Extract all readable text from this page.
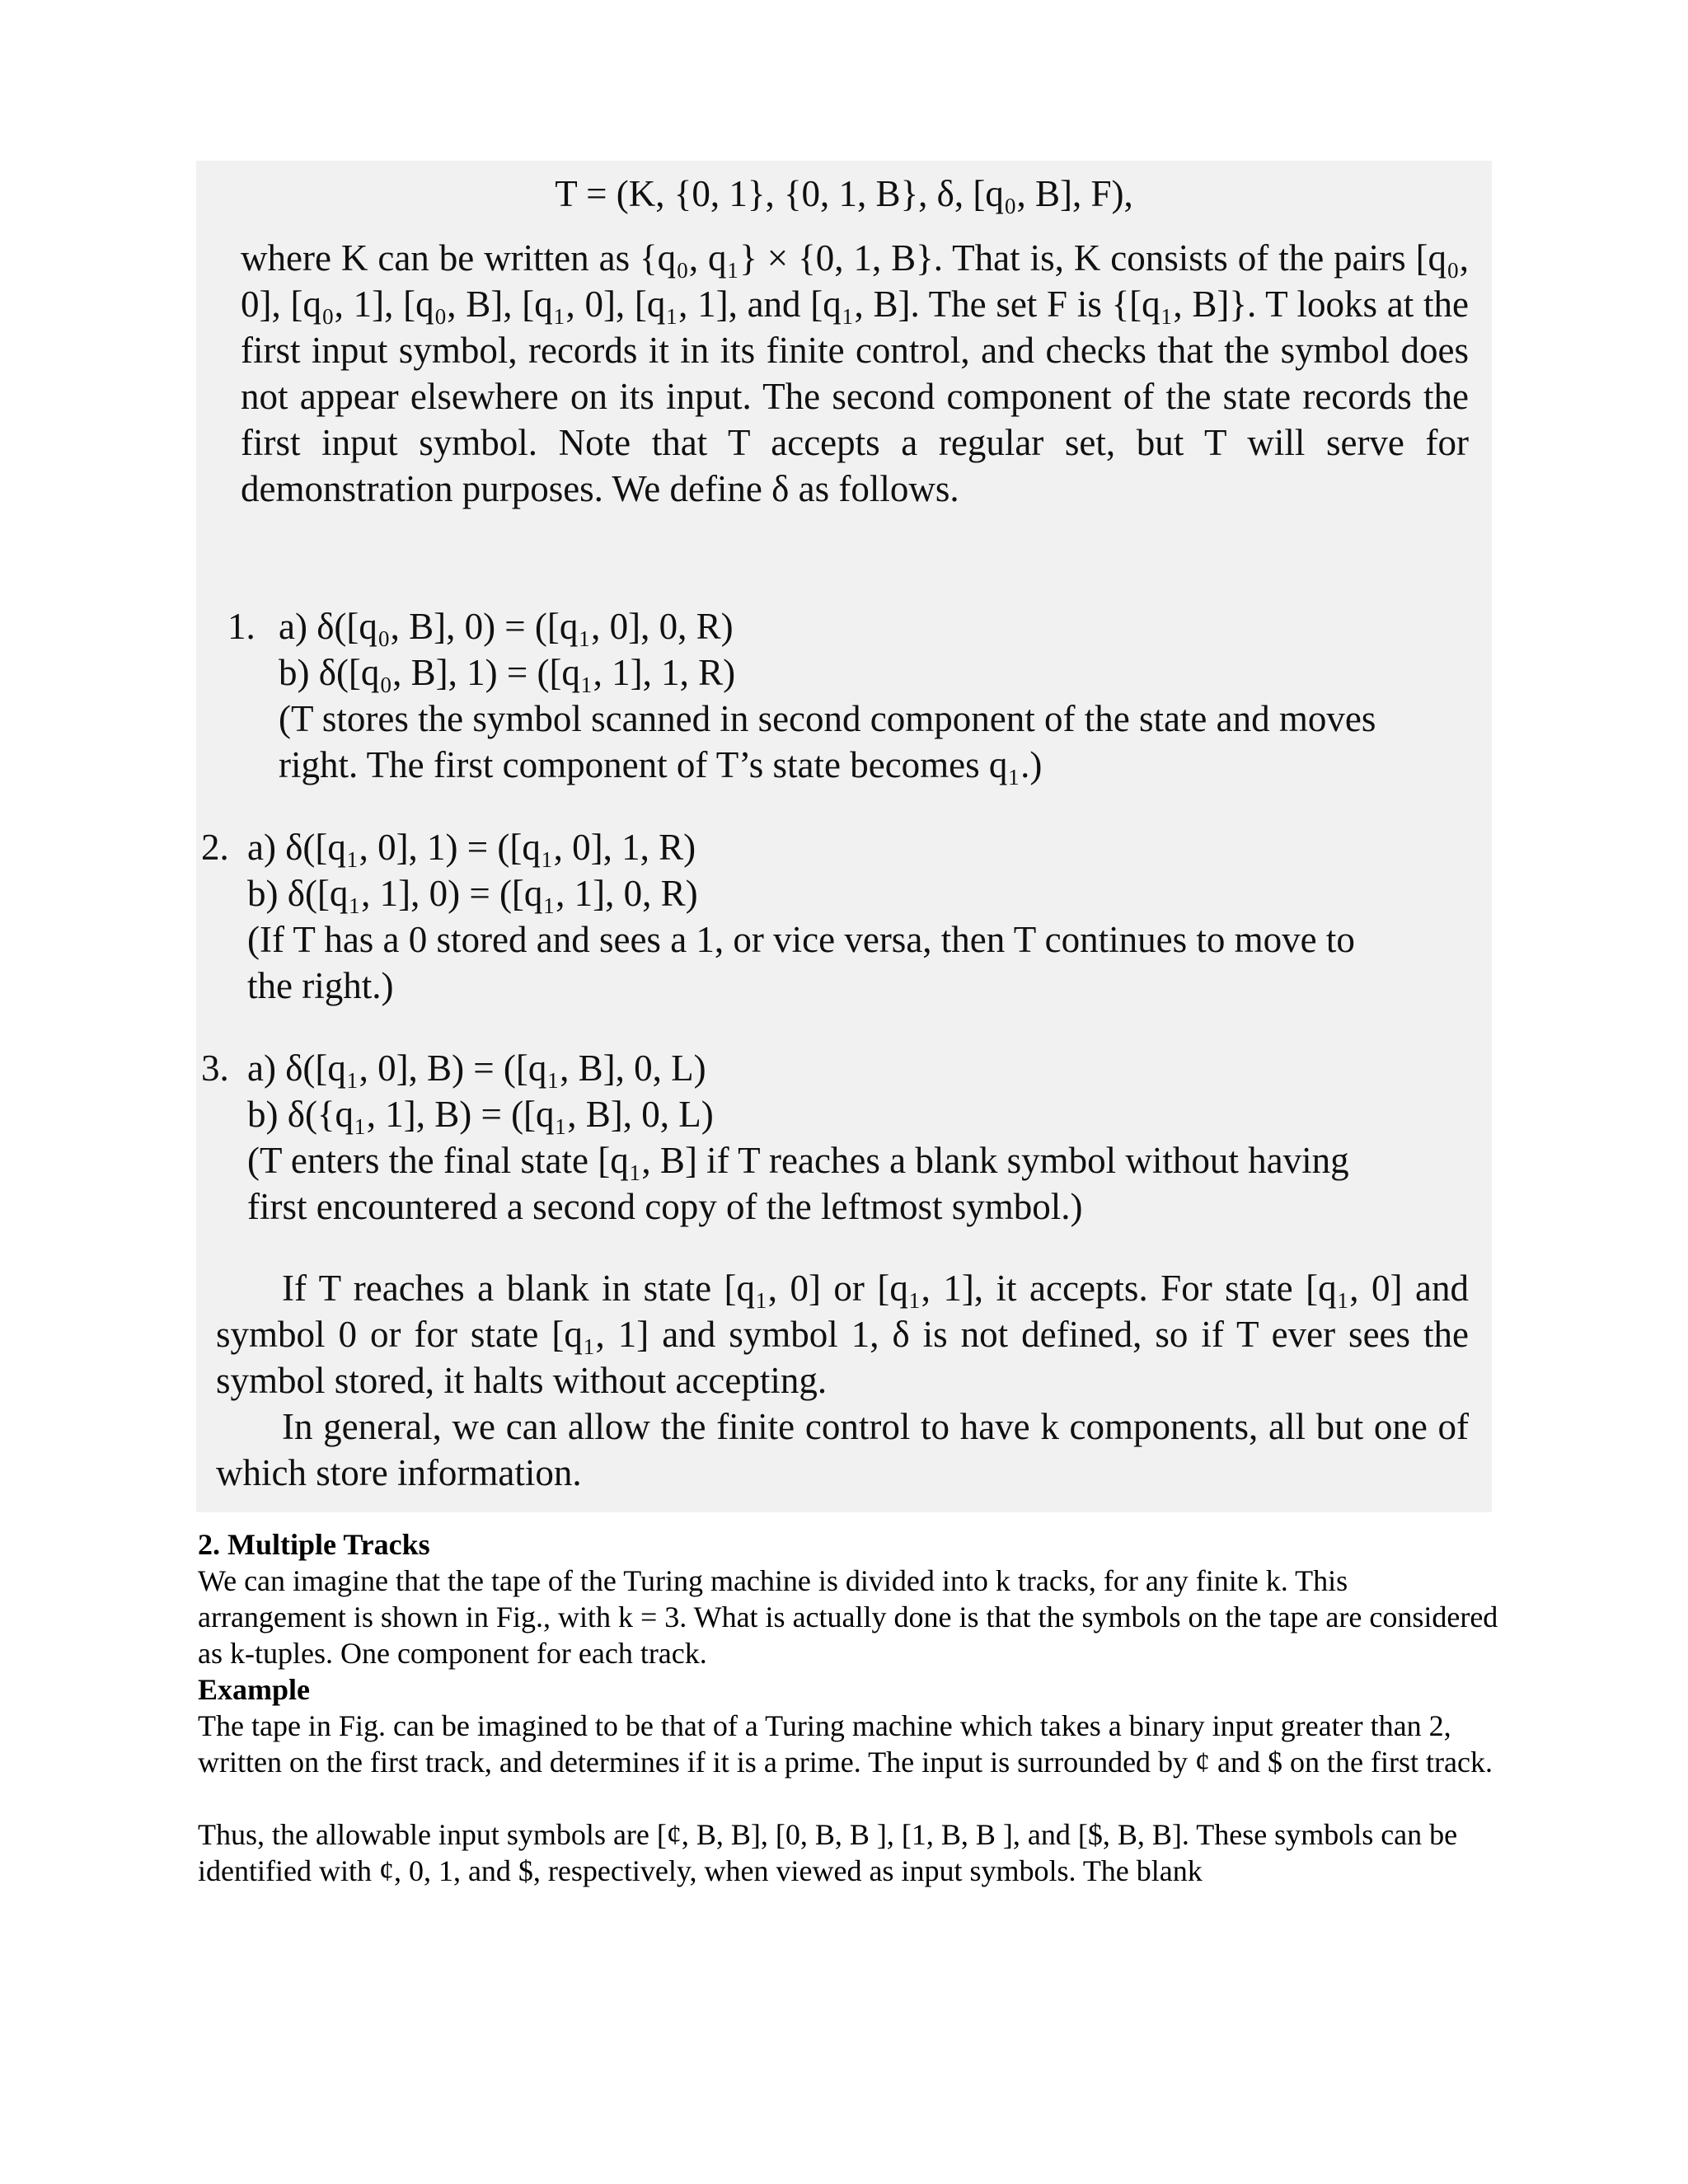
T = (K, {0, 1}, {0, 1, B}, δ, [q₀, B], F),
where K can be written as {q₀, q₁} × {0, 1, B}. That is, K consists of the pairs [q₀, 0], [q₀, 1], [q₀, B], [q₁, 0], [q₁, 1], and [q₁, B]. The set F is {[q₁, B]}. T looks at the first input symbol, records it in its finite control, and checks that the symbol does not appear elsewhere on its input. The second component of the state records the first input symbol. Note that T accepts a regular set, but T will serve for demonstration purposes. We define δ as follows.
1. a) δ([q₀, B], 0) = ([q₁, 0], 0, R)
b) δ([q₀, B], 1) = ([q₁, 1], 1, R)
(T stores the symbol scanned in second component of the state and moves right. The first component of T’s state becomes q₁.)
2. a) δ([q₁, 0], 1) = ([q₁, 0], 1, R)
b) δ([q₁, 1], 0) = ([q₁, 1], 0, R)
(If T has a 0 stored and sees a 1, or vice versa, then T continues to move to the right.)
3. a) δ([q₁, 0], B) = ([q₁, B], 0, L)
b) δ({q₁, 1], B) = ([q₁, B], 0, L)
(T enters the final state [q₁, B] if T reaches a blank symbol without having first encountered a second copy of the leftmost symbol.)
If T reaches a blank in state [q₁, 0] or [q₁, 1], it accepts. For state [q₁, 0] and symbol 0 or for state [q₁, 1] and symbol 1, δ is not defined, so if T ever sees the symbol stored, it halts without accepting.
In general, we can allow the finite control to have k components, all but one of which store information.
2. Multiple Tracks
We can imagine that the tape of the Turing machine is divided into k tracks, for any finite k. This arrangement is shown in Fig., with k = 3. What is actually done is that the symbols on the tape are considered as k-tuples. One component for each track.
Example
The tape in Fig. can be imagined to be that of a Turing machine which takes a binary input greater than 2, written on the first track, and determines if it is a prime. The input is surrounded by ¢ and $ on the first track.
Thus, the allowable input symbols are [¢, B, B], [0, B, B ], [1, B, B ], and [$, B, B]. These symbols can be identified with ¢, 0, 1, and $, respectively, when viewed as input symbols. The blank
